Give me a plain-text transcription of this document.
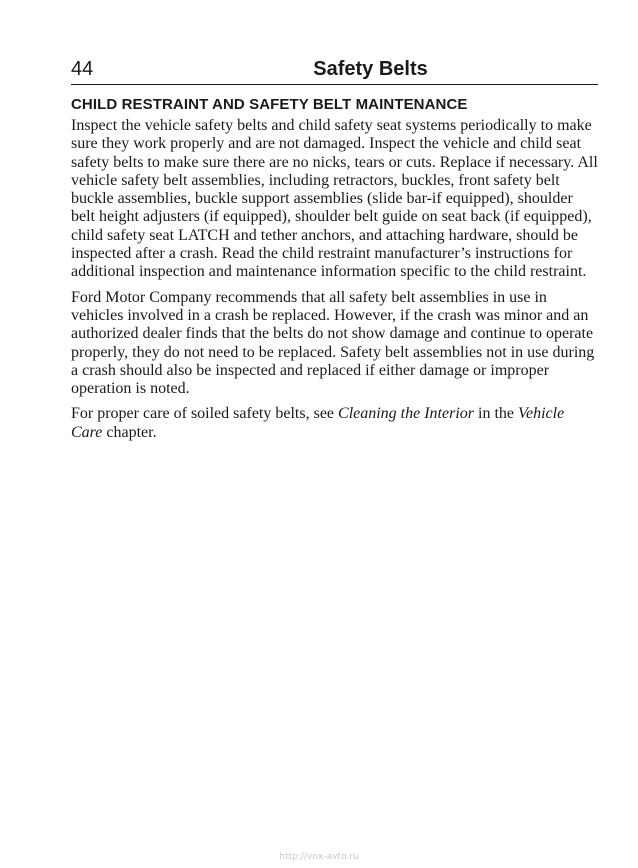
44	Safety Belts
CHILD RESTRAINT AND SAFETY BELT MAINTENANCE

Inspect the vehicle safety belts and child safety seat systems periodically to make sure they work properly and are not damaged. Inspect the vehicle and child seat safety belts to make sure there are no nicks, tears or cuts. Replace if necessary. All vehicle safety belt assemblies, including retractors, buckles, front safety belt buckle assemblies, buckle support assemblies (slide bar-if equipped), shoulder belt height adjusters (if equipped), shoulder belt guide on seat back (if equipped), child safety seat LATCH and tether anchors, and attaching hardware, should be inspected after a crash. Read the child restraint manufacturer’s instructions for additional inspection and maintenance information specific to the child restraint.

Ford Motor Company recommends that all safety belt assemblies in use in vehicles involved in a crash be replaced. However, if the crash was minor and an authorized dealer finds that the belts do not show damage and continue to operate properly, they do not need to be replaced. Safety belt assemblies not in use during a crash should also be inspected and replaced if either damage or improper operation is noted.

For proper care of soiled safety belts, see Cleaning the Interior in the Vehicle Care chapter.

http://vnx-avto.ru
